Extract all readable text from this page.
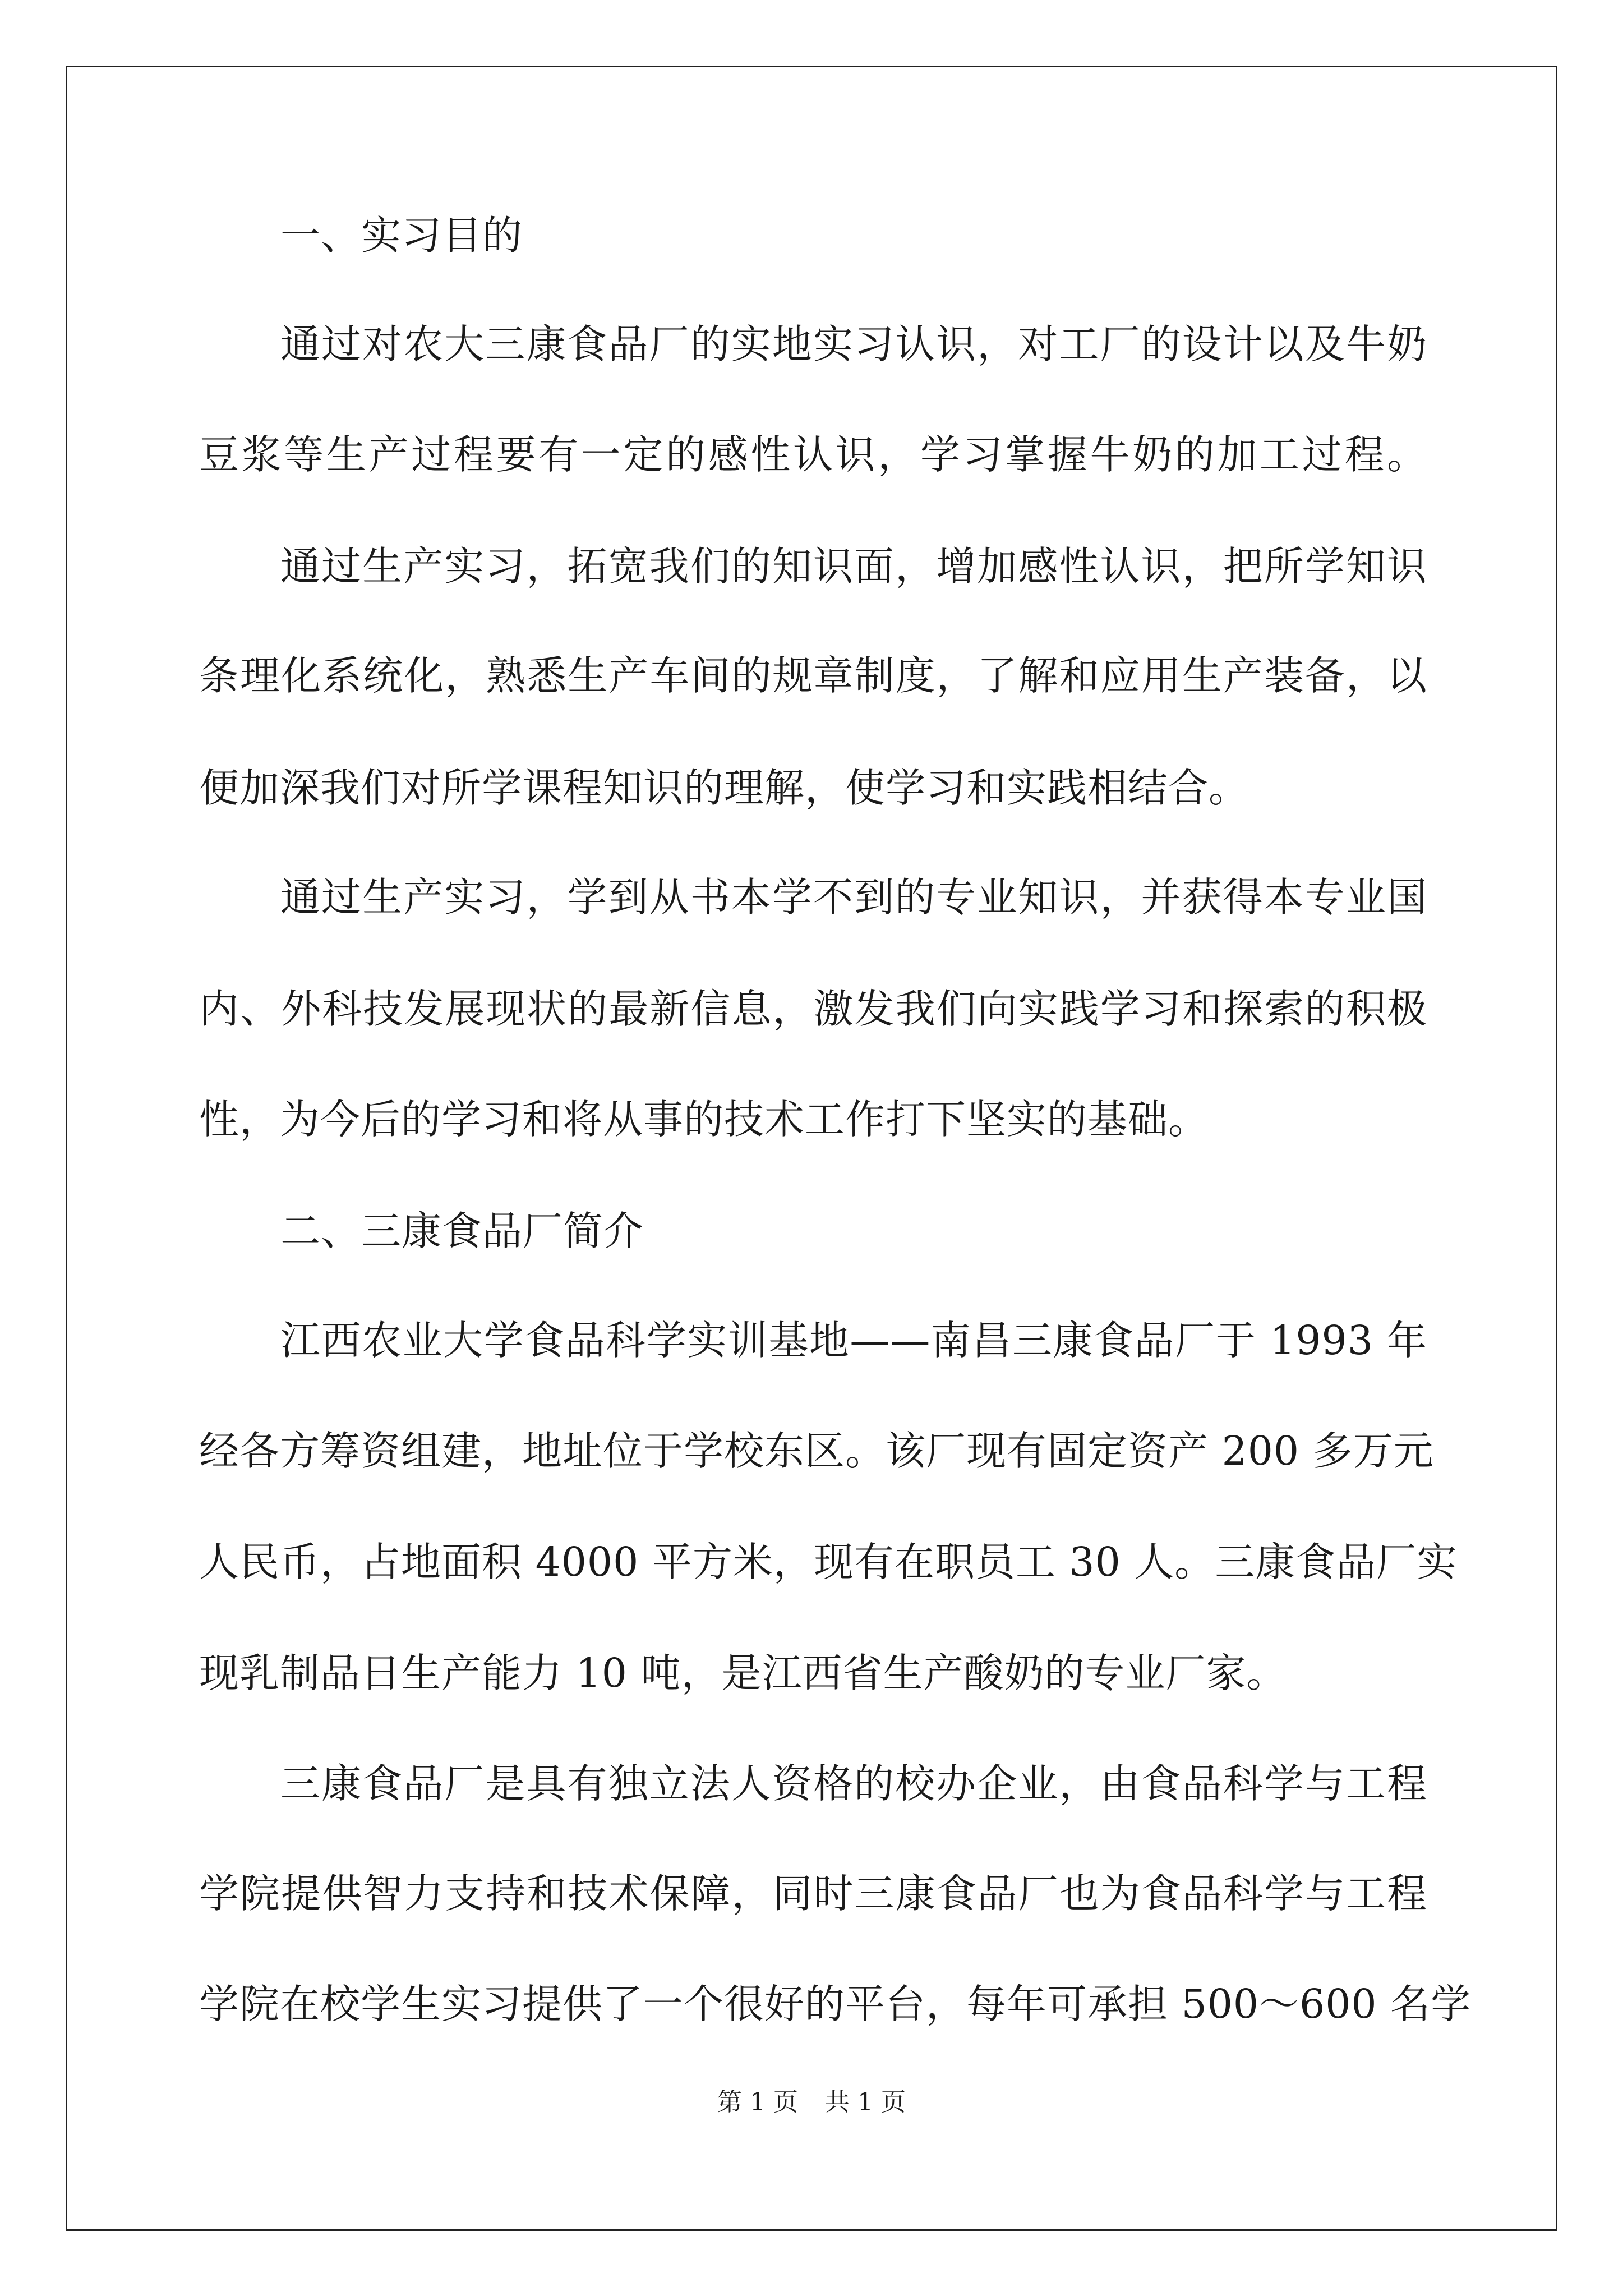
一、实习目的
通过对农大三康食品厂的实地实习认识，对工厂的设计以及牛奶
豆浆等生产过程要有一定的感性认识，学习掌握牛奶的加工过程。
通过生产实习，拓宽我们的知识面，增加感性认识，把所学知识
条理化系统化，熟悉生产车间的规章制度，了解和应用生产装备，以
便加深我们对所学课程知识的理解，使学习和实践相结合。
通过生产实习，学到从书本学不到的专业知识，并获得本专业国
内、外科技发展现状的最新信息，激发我们向实践学习和探索的积极
性，为今后的学习和将从事的技术工作打下坚实的基础。
二、三康食品厂简介
江西农业大学食品科学实训基地——南昌三康食品厂于 1993 年
经各方筹资组建，地址位于学校东区。该厂现有固定资产 200 多万元
人民币，占地面积 4000 平方米，现有在职员工 30 人。三康食品厂实
现乳制品日生产能力 10 吨，是江西省生产酸奶的专业厂家。
三康食品厂是具有独立法人资格的校办企业，由食品科学与工程
学院提供智力支持和技术保障，同时三康食品厂也为食品科学与工程
学院在校学生实习提供了一个很好的平台，每年可承担 500～600 名学
第 1 页 共 1 页
